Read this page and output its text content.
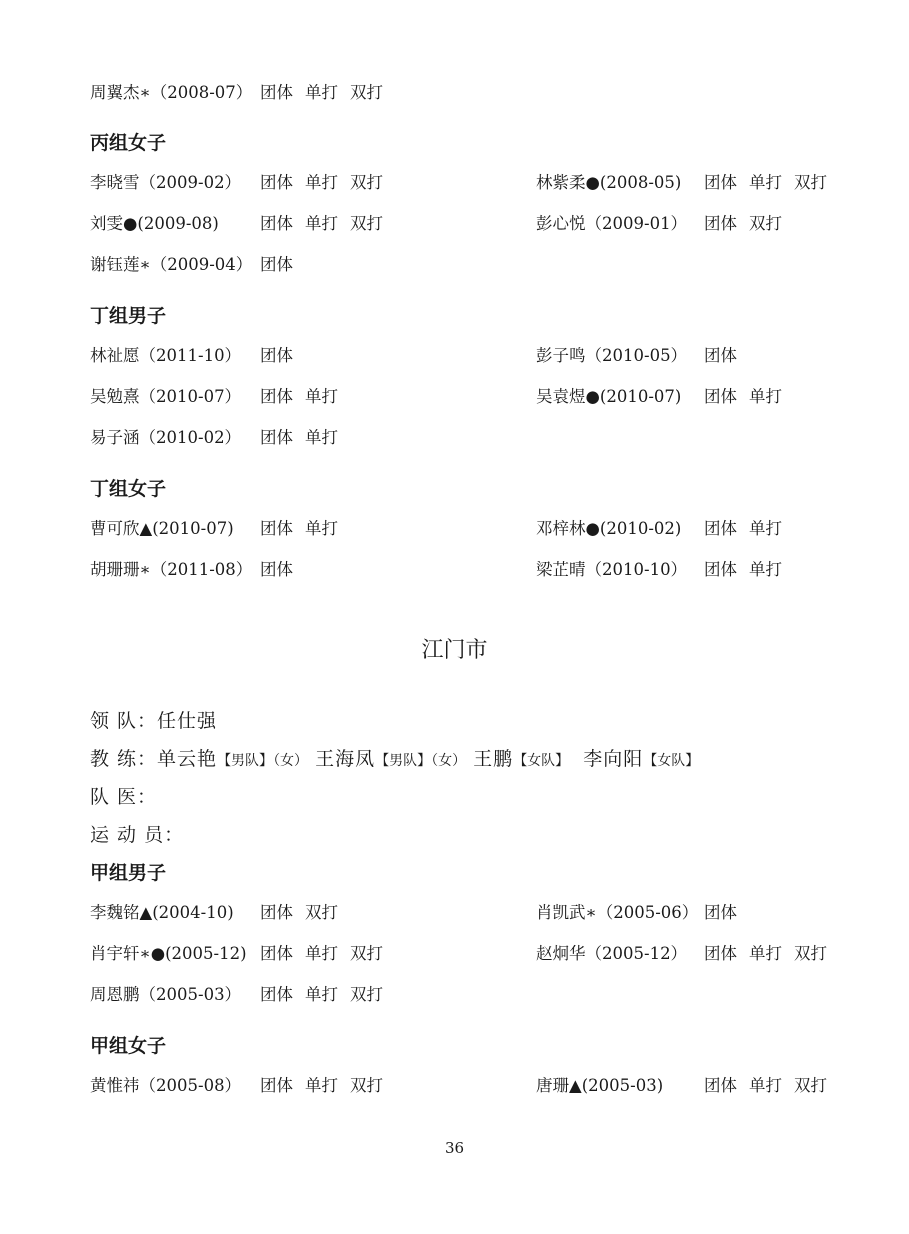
周翼杰∗（2008-07） 团体 单打 双打
丙组女子
李晓雪（2009-02） 团体 单打 双打	林紫柔●(2008-05) 团体 单打 双打
刘雯●(2009-08) 团体 单打 双打	彭心悦（2009-01） 团体 双打
谢钰莲∗（2009-04） 团体
丁组男子
林祉愿（2011-10） 团体	彭子鸣（2010-05） 团体
吴勉熹（2010-07） 团体 单打	吴袁煜●(2010-07) 团体 单打
易子涵（2010-02） 团体 单打
丁组女子
曹可欣▲(2010-07) 团体 单打	邓梓林●(2010-02) 团体 单打
胡珊珊∗（2011-08） 团体	梁芷晴（2010-10） 团体 单打
江门市
领 队：任仕强
教 练：单云艳【男队】（女） 王海凤【男队】（女） 王鹏【女队】 李向阳【女队】
队 医：
运 动 员：
甲组男子
李魏铭▲(2004-10) 团体 双打	肖凯武∗（2005-06） 团体
肖宇轩∗●(2005-12) 团体 单打 双打	赵炯华（2005-12） 团体 单打 双打
周恩鹏（2005-03） 团体 单打 双打
甲组女子
黄惟祎（2005-08） 团体 单打 双打	唐珊▲(2005-03) 团体 单打 双打
36
